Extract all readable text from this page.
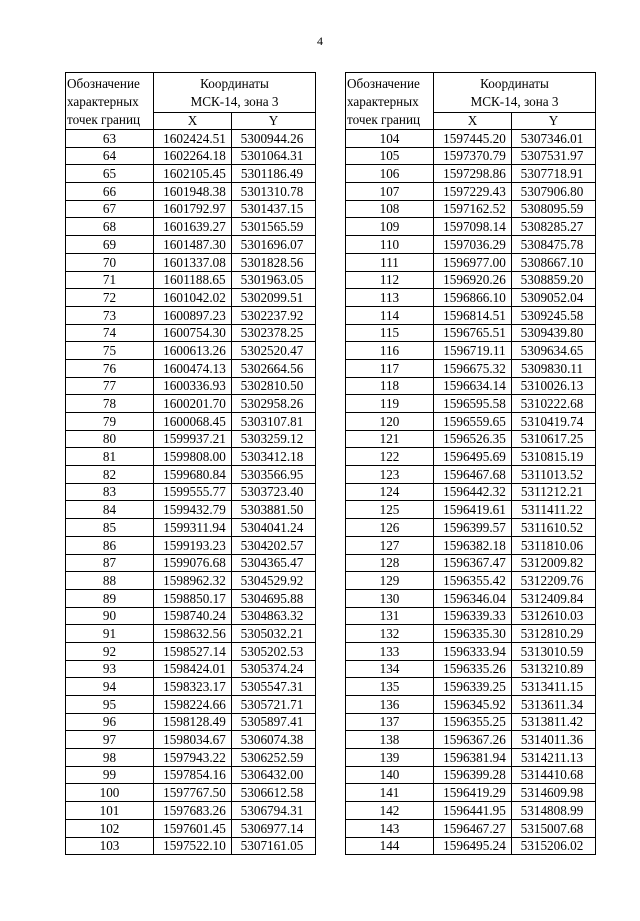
4
Обозначение
характерных
точек границ	Координаты
МСК-14, зона 3	

	X	Y
63	1602424.51	5300944.26
64	1602264.18	5301064.31
65	1602105.45	5301186.49
66	1601948.38	5301310.78
67	1601792.97	5301437.15
68	1601639.27	5301565.59
69	1601487.30	5301696.07
70	1601337.08	5301828.56
71	1601188.65	5301963.05
72	1601042.02	5302099.51
73	1600897.23	5302237.92
74	1600754.30	5302378.25
75	1600613.26	5302520.47
76	1600474.13	5302664.56
77	1600336.93	5302810.50
78	1600201.70	5302958.26
79	1600068.45	5303107.81
80	1599937.21	5303259.12
81	1599808.00	5303412.18
82	1599680.84	5303566.95
83	1599555.77	5303723.40
84	1599432.79	5303881.50
85	1599311.94	5304041.24
86	1599193.23	5304202.57
87	1599076.68	5304365.47
88	1598962.32	5304529.92
89	1598850.17	5304695.88
90	1598740.24	5304863.32
91	1598632.56	5305032.21
92	1598527.14	5305202.53
93	1598424.01	5305374.24
94	1598323.17	5305547.31
95	1598224.66	5305721.71
96	1598128.49	5305897.41
97	1598034.67	5306074.38
98	1597943.22	5306252.59
99	1597854.16	5306432.00
100	1597767.50	5306612.58
101	1597683.26	5306794.31
102	1597601.45	5306977.14
103	1597522.10	5307161.05
Обозначение
характерных
точек границ	Координаты
МСК-14, зона 3	

	X	Y
104	1597445.20	5307346.01
105	1597370.79	5307531.97
106	1597298.86	5307718.91
107	1597229.43	5307906.80
108	1597162.52	5308095.59
109	1597098.14	5308285.27
110	1597036.29	5308475.78
111	1596977.00	5308667.10
112	1596920.26	5308859.20
113	1596866.10	5309052.04
114	1596814.51	5309245.58
115	1596765.51	5309439.80
116	1596719.11	5309634.65
117	1596675.32	5309830.11
118	1596634.14	5310026.13
119	1596595.58	5310222.68
120	1596559.65	5310419.74
121	1596526.35	5310617.25
122	1596495.69	5310815.19
123	1596467.68	5311013.52
124	1596442.32	5311212.21
125	1596419.61	5311411.22
126	1596399.57	5311610.52
127	1596382.18	5311810.06
128	1596367.47	5312009.82
129	1596355.42	5312209.76
130	1596346.04	5312409.84
131	1596339.33	5312610.03
132	1596335.30	5312810.29
133	1596333.94	5313010.59
134	1596335.26	5313210.89
135	1596339.25	5313411.15
136	1596345.92	5313611.34
137	1596355.25	5313811.42
138	1596367.26	5314011.36
139	1596381.94	5314211.13
140	1596399.28	5314410.68
141	1596419.29	5314609.98
142	1596441.95	5314808.99
143	1596467.27	5315007.68
144	1596495.24	5315206.02
